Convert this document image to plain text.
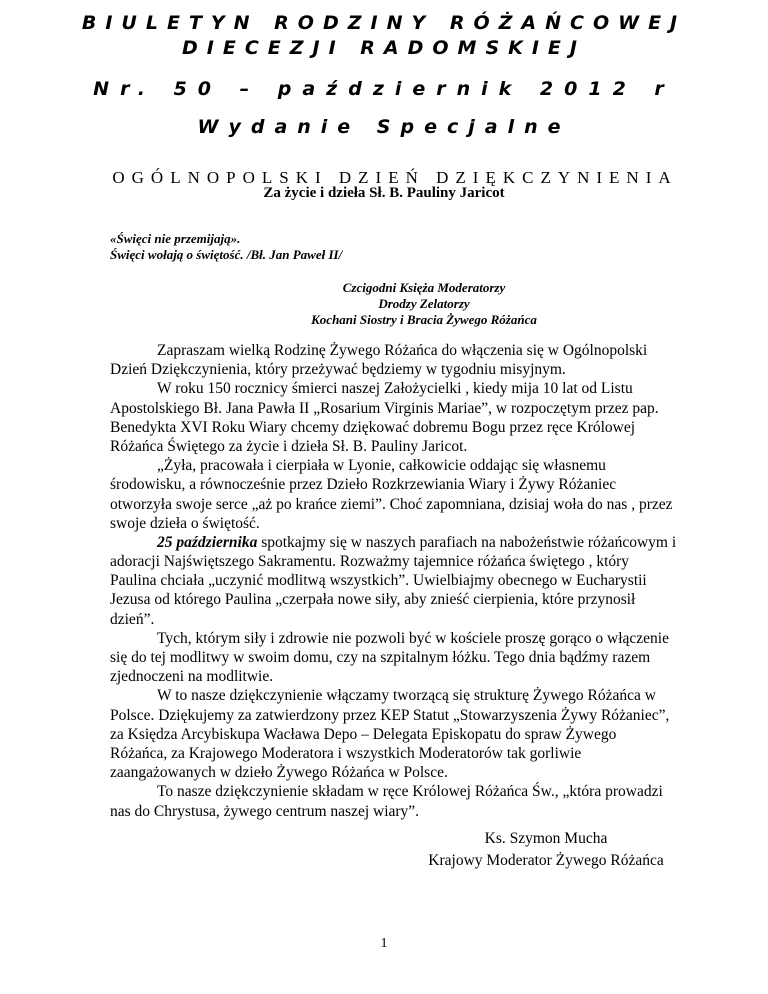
BIULETYN RODZINY RÓŻAŃCOWEJ
DIECEZJI RADOMSKIEJ
Nr. 50 – październik 2012 r
Wydanie Specjalne
OGÓLNOPOLSKI DZIEŃ DZIĘKCZYNIENIA
Za życie i dzieła Sł. B. Pauliny Jaricot
«Święci nie przemijają».
Święci wołają o świętość. /Bł. Jan Paweł II/
Czcigodni Księża Moderatorzy
Drodzy Zelatorzy
Kochani Siostry i Bracia Żywego Różańca
Zapraszam wielką Rodzinę Żywego Różańca do włączenia się w Ogólnopolski
Dzień Dziękczynienia, który przeżywać będziemy w tygodniu misyjnym.
W roku 150 rocznicy śmierci naszej Założycielki , kiedy mija 10 lat od Listu
Apostolskiego Bł. Jana Pawła II „Rosarium Virginis Mariae”, w rozpoczętym przez pap.
Benedykta XVI Roku Wiary chcemy dziękować dobremu Bogu przez ręce Królowej
Różańca Świętego za życie i dzieła Sł. B. Pauliny Jaricot.
„Żyła, pracowała i cierpiała w Lyonie, całkowicie oddając się własnemu
środowisku, a równocześnie przez Dzieło Rozkrzewiania Wiary i Żywy Różaniec
otworzyła swoje serce „aż po krańce ziemi”. Choć zapomniana, dzisiaj woła do nas , przez
swoje dzieła o świętość.
25 października spotkajmy się w naszych parafiach na nabożeństwie różańcowym i
adoracji Najświętszego Sakramentu. Rozważmy tajemnice różańca świętego , który
Paulina chciała „uczynić modlitwą wszystkich”. Uwielbiajmy obecnego w Eucharystii
Jezusa od którego Paulina „czerpała nowe siły, aby znieść cierpienia, które przynosił
dzień”.
Tych, którym siły i zdrowie nie pozwoli być w kościele proszę gorąco o włączenie
się do tej modlitwy w swoim domu, czy na szpitalnym łóżku. Tego dnia bądźmy razem
zjednoczeni na modlitwie.
W to nasze dziękczynienie włączamy tworzącą się strukturę Żywego Różańca w
Polsce. Dziękujemy za zatwierdzony przez KEP Statut „Stowarzyszenia Żywy Różaniec”,
za Księdza Arcybiskupa Wacława Depo – Delegata Episkopatu do spraw Żywego
Różańca, za Krajowego Moderatora i wszystkich Moderatorów tak gorliwie
zaangażowanych w dzieło Żywego Różańca w Polsce.
To nasze dziękczynienie składam w ręce Królowej Różańca Św., „która prowadzi
nas do Chrystusa, żywego centrum naszej wiary”.
Ks. Szymon Mucha
Krajowy Moderator Żywego Różańca
1
